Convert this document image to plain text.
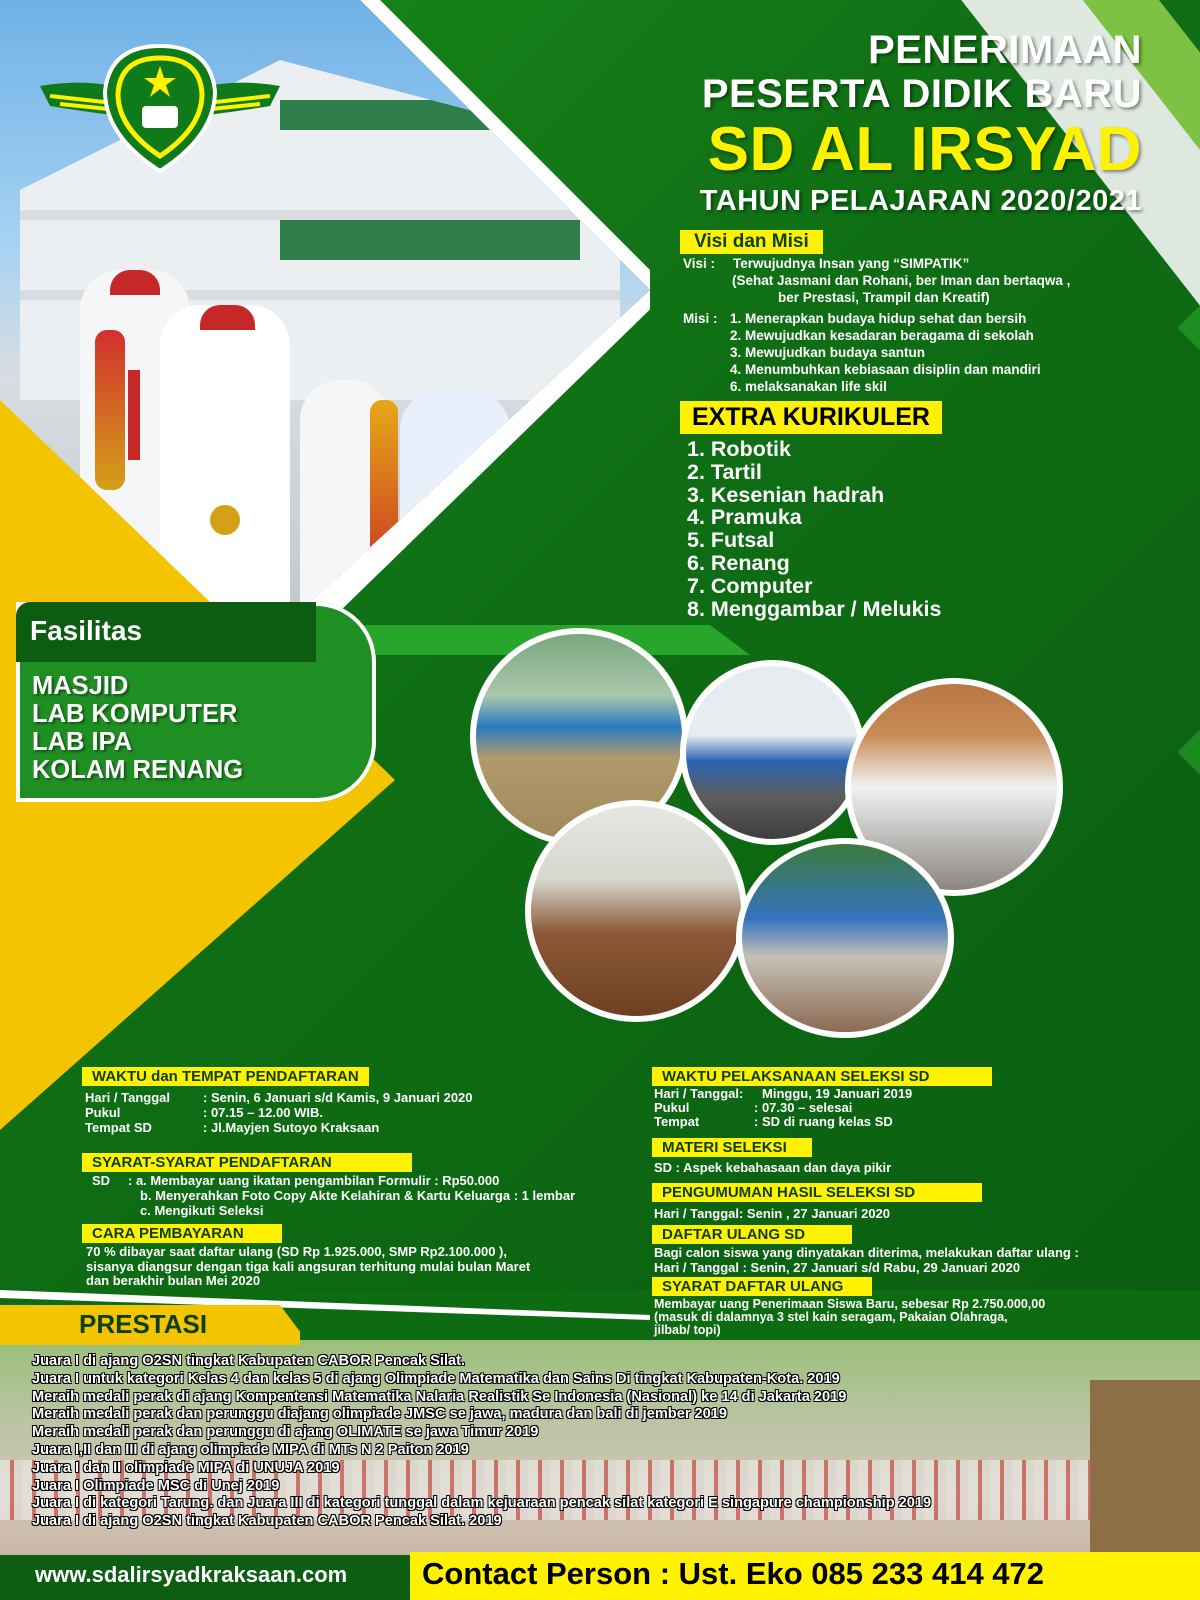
PENERIMAAN
PESERTA DIDIK BARU
SD AL IRSYAD
TAHUN PELAJARAN 2020/2021
Visi dan Misi
Visi : Terwujudnya Insan yang “SIMPATIK”
(Sehat Jasmani dan Rohani, ber Iman dan bertaqwa ,
ber Prestasi, Trampil dan Kreatif)
Misi : 1. Menerapkan budaya hidup sehat dan bersih
2. Mewujudkan kesadaran beragama di sekolah
3. Mewujudkan budaya santun
4. Menumbuhkan kebiasaan disiplin dan mandiri
6. melaksanakan life skil
EXTRA KURIKULER
1. Robotik
2. Tartil
3. Kesenian hadrah
4. Pramuka
5. Futsal
6. Renang
7. Computer
8. Menggambar / Melukis
Fasilitas
MASJID
LAB KOMPUTER
LAB IPA
KOLAM RENANG
WAKTU dan TEMPAT PENDAFTARAN
Hari / Tanggal	: Senin, 6 Januari s/d Kamis, 9 Januari 2020
Pukul	: 07.15 – 12.00 WIB.
Tempat SD	: Jl.Mayjen Sutoyo Kraksaan
SYARAT-SYARAT PENDAFTARAN
SD : a. Membayar uang ikatan pengambilan Formulir : Rp50.000
b. Menyerahkan Foto Copy Akte Kelahiran & Kartu Keluarga : 1 lembar
c. Mengikuti Seleksi
CARA PEMBAYARAN
70 % dibayar saat daftar ulang (SD Rp 1.925.000, SMP Rp2.100.000 ),
sisanya diangsur dengan tiga kali angsuran terhitung mulai bulan Maret
dan berakhir bulan Mei 2020
WAKTU PELAKSANAAN SELEKSI SD
Hari / Tanggal:	Minggu, 19 Januari 2019
Pukul	: 07.30 – selesai
Tempat	: SD di ruang kelas SD
MATERI SELEKSI
SD : Aspek kebahasaan dan daya pikir
PENGUMUMAN HASIL SELEKSI SD
Hari / Tanggal: Senin , 27 Januari 2020
DAFTAR ULANG SD
Bagi calon siswa yang dinyatakan diterima, melakukan daftar ulang :
Hari / Tanggal : Senin, 27 Januari s/d Rabu, 29 Januari 2020
SYARAT DAFTAR ULANG
Membayar uang Penerimaan Siswa Baru, sebesar Rp 2.750.000,00
(masuk di dalamnya 3 stel kain seragam, Pakaian Olahraga,
jilbab/ topi)
PRESTASI
Juara I di ajang O2SN tingkat Kabupaten CABOR Pencak Silat.
Juara I untuk kategori Kelas 4 dan kelas 5 di ajang Olimpiade Matematika dan Sains Di tingkat Kabupaten-Kota. 2019
Meraih medali perak di ajang Kompentensi Matematika Nalaria Realistik Se Indonesia (Nasional) ke 14 di Jakarta 2019
Meraih medali perak dan perunggu diajang olimpiade JMSC se jawa, madura dan bali di jember 2019
Meraih medali perak dan perunggu di ajang OLIMATE se jawa Timur 2019
Juara I,II dan III di ajang olimpiade MIPA di MTs N 2 Paiton 2019
Juara I dan II olimpiade MIPA di UNUJA 2019
Juara I Olimpiade MSC di Unej 2019
Juara I di kategori Tarung. dan Juara III di kategori tunggal dalam kejuaraan pencak silat kategori E singapure championship 2019
Juara I di ajang O2SN tingkat Kabupaten CABOR Pencak Silat. 2019
www.sdalirsyadkraksaan.com Contact Person : Ust. Eko 085 233 414 472
